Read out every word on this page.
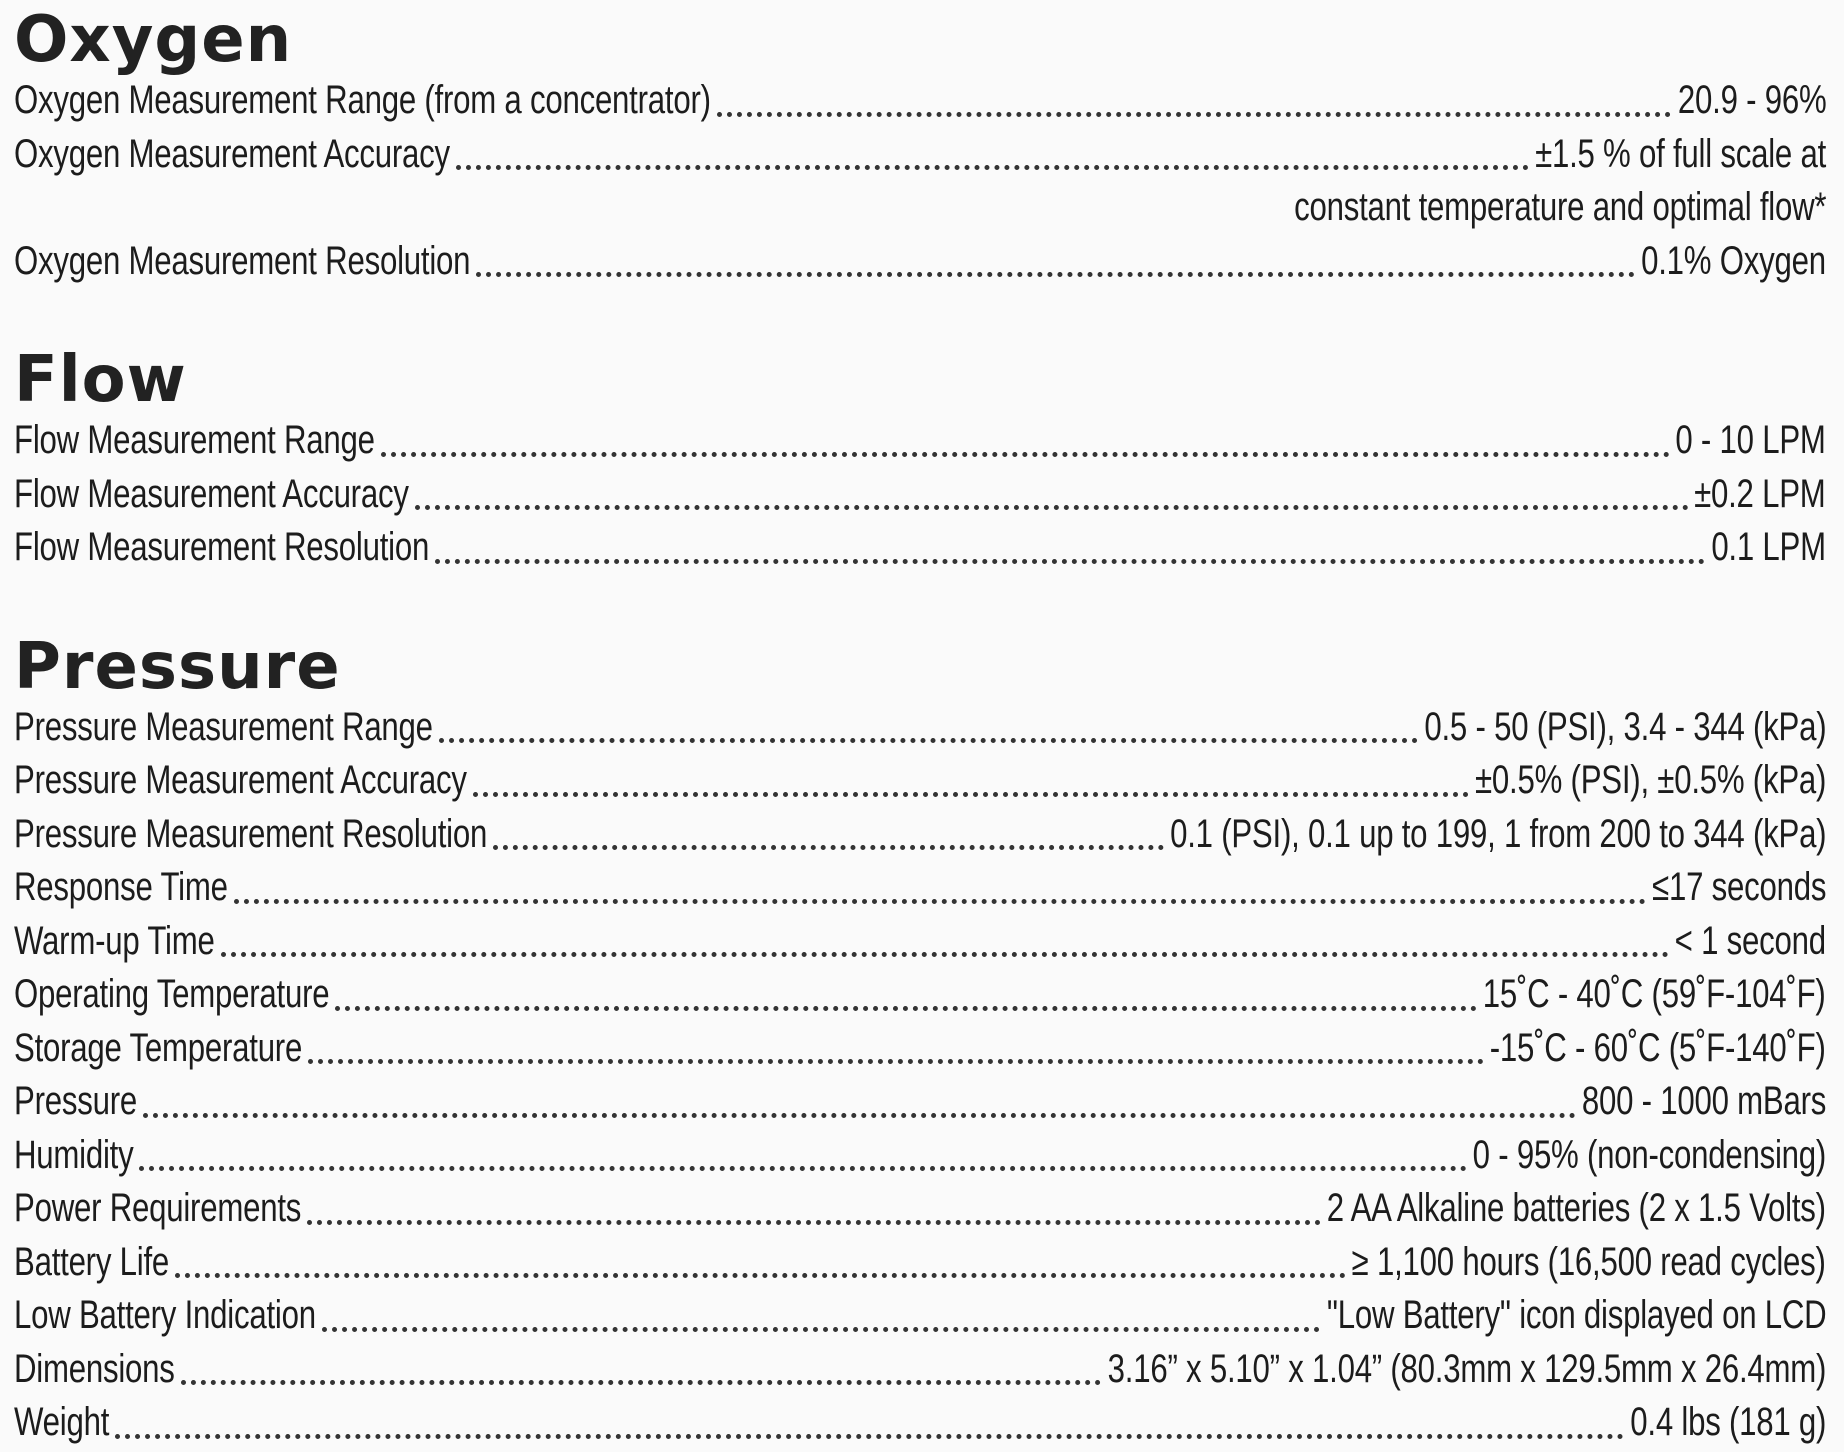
Oxygen
Oxygen Measurement Range (from a concentrator)	20.9 - 96%
Oxygen Measurement Accuracy	±1.5 % of full scale at
constant temperature and optimal flow*
Oxygen Measurement Resolution	0.1% Oxygen
Flow
Flow Measurement Range	0 - 10 LPM
Flow Measurement Accuracy	±0.2 LPM
Flow Measurement Resolution	0.1 LPM
Pressure
Pressure Measurement Range	0.5 - 50 (PSI), 3.4 - 344 (kPa)
Pressure Measurement Accuracy	±0.5% (PSI), ±0.5% (kPa)
Pressure Measurement Resolution	0.1 (PSI), 0.1 up to 199, 1 from 200 to 344 (kPa)
Response Time	≤17 seconds
Warm-up Time	< 1 second
Operating Temperature	15˚C - 40˚C (59˚F-104˚F)
Storage Temperature	-15˚C - 60˚C (5˚F-140˚F)
Pressure	800 - 1000 mBars
Humidity	0 - 95% (non-condensing)
Power Requirements	2 AA Alkaline batteries (2 x 1.5 Volts)
Battery Life	≥ 1,100 hours (16,500 read cycles)
Low Battery Indication	"Low Battery" icon displayed on LCD
Dimensions	3.16” x 5.10” x 1.04” (80.3mm x 129.5mm x 26.4mm)
Weight	0.4 lbs (181 g)
